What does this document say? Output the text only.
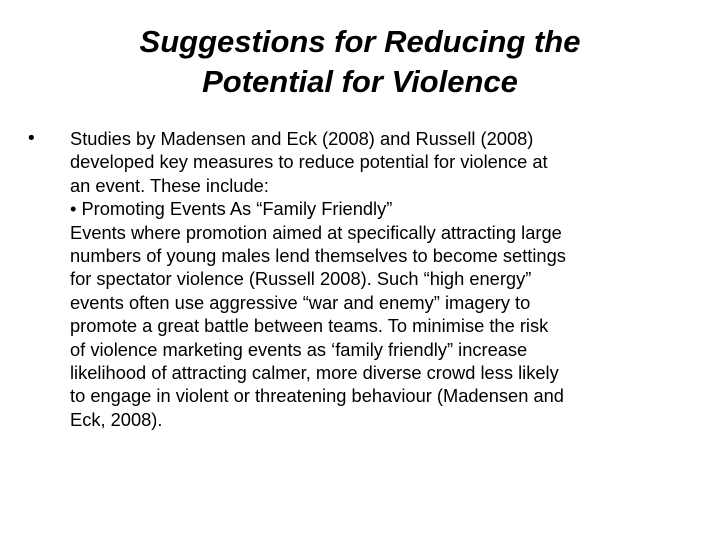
Suggestions for Reducing the
Potential for Violence
•	Studies by Madensen and Eck (2008) and Russell (2008)
developed key measures to reduce potential for violence at
an event. These include:
• Promoting Events As “Family Friendly”
Events where promotion aimed at specifically attracting large
numbers of young males lend themselves to become settings
for spectator violence (Russell 2008). Such “high energy”
events often use aggressive “war and enemy” imagery to
promote a great battle between teams. To minimise the risk
of violence marketing events as ‘family friendly” increase
likelihood of attracting calmer, more diverse crowd less likely
to engage in violent or threatening behaviour (Madensen and
Eck, 2008).
